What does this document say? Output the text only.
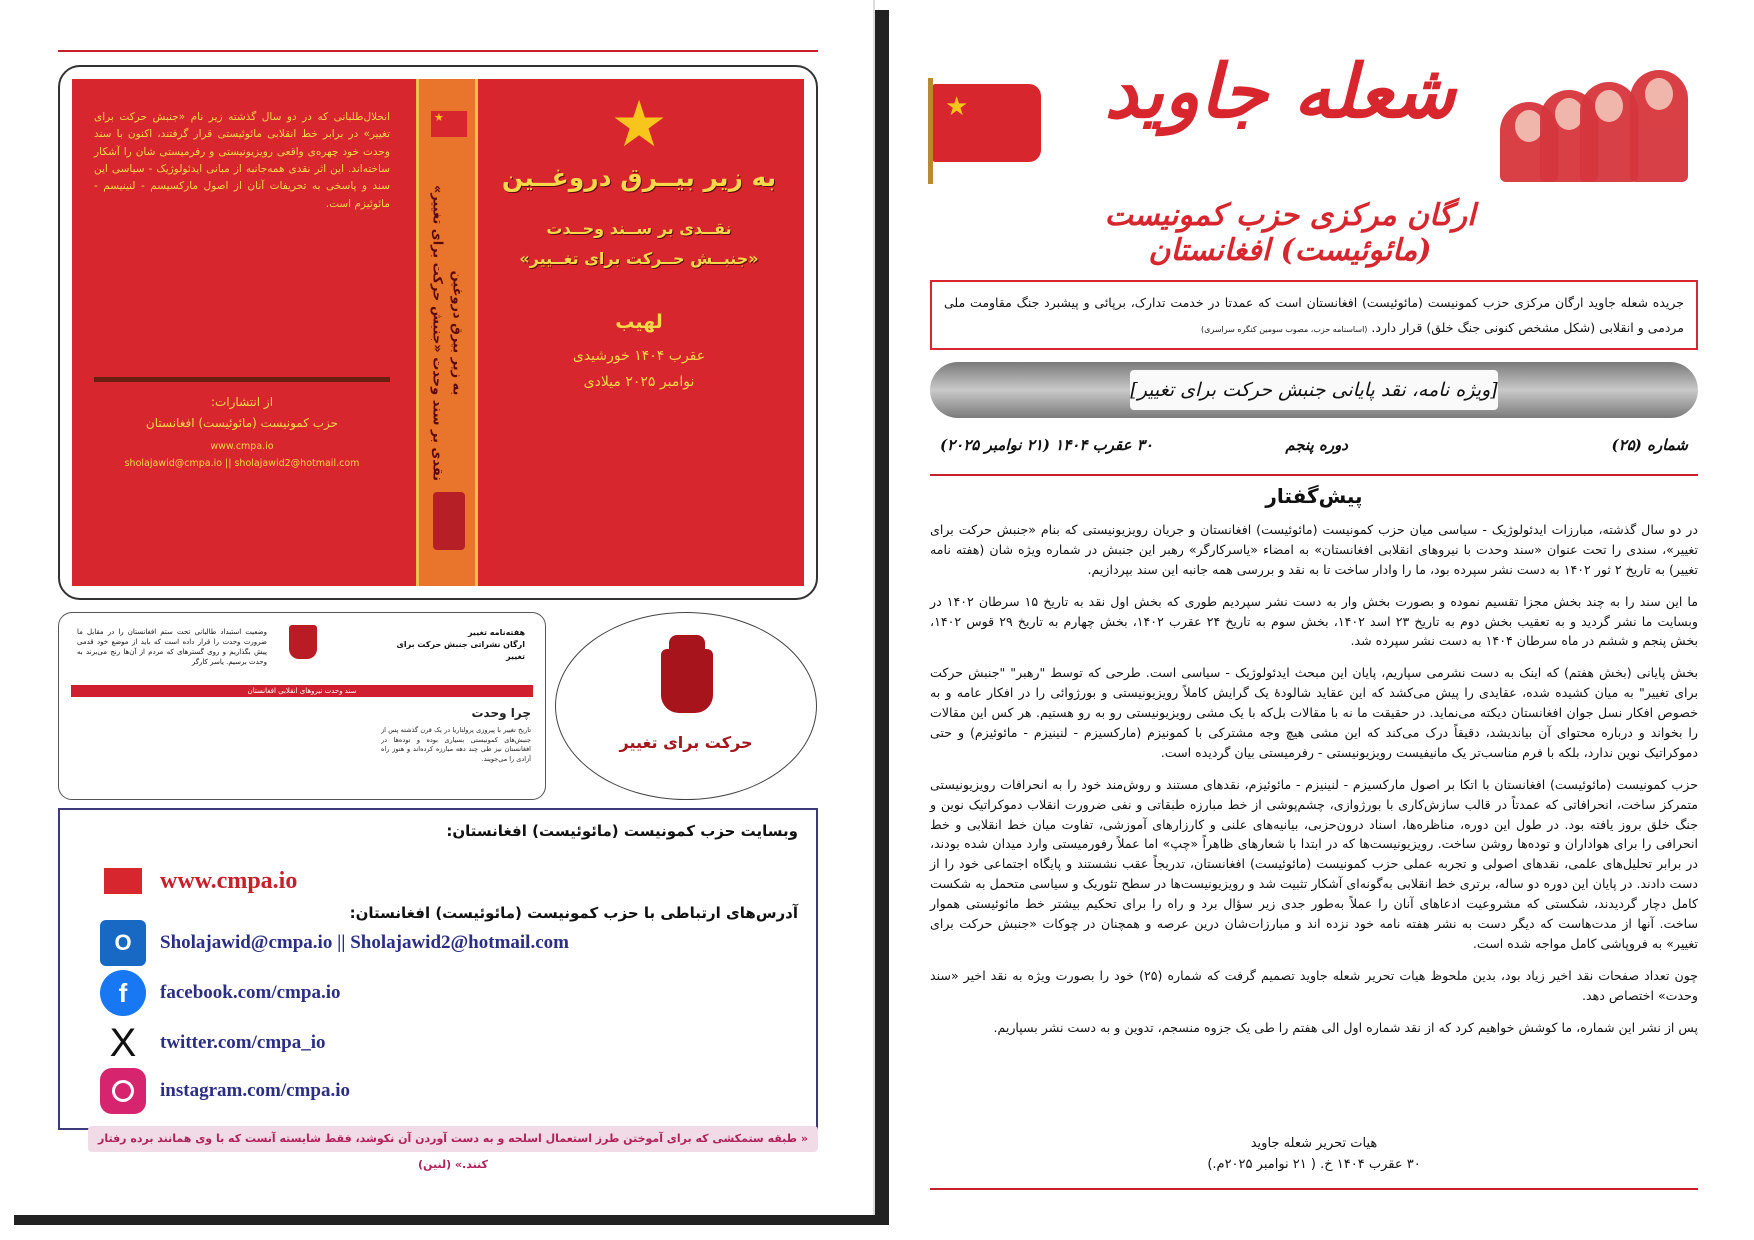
انحلال‌طلبانی که در دو سال گذشته زیر نام «جنبش حرکت برای تغییر» در برابر خط انقلابی مائوئیستی قرار گرفتند، اکنون با سند وحدت خود چهره‌ی واقعی رویزیونیستی و رفرمیستی شان را آشکار ساخته‌اند. این اثر نقدی همه‌جانبه از مبانی ایدئولوژیک - سیاسی این سند و پاسخی به تحریفات آنان از اصول مارکسیسم - لنینیسم - مائوئیزم است.
از انتشارات:
حزب کمونیست (مائوئیست) افغانستان
www.cmpa.io
sholajawid@cmpa.io || sholajawid2@hotmail.com
★
به زیر بیرق دروغین
نقدی بر سند وحدت «جنبش حرکت برای تغییر»
★
به زیر بیــرق دروغــین
نقــدی بر ســند وحــدت
«جنبــش حــرکت برای تغــییر»
لهیب
عقرب ۱۴۰۴ خورشیدی
نوامبر ۲۰۲۵ میلادی
وضعیت استبداد طالبانی تحت ستم افغانستان را در مقابل ما ضرورت وحدت را قرار داده است که باید از موضع خود قدمی پیش بگذاریم و روی گسترهای که مردم از آن‌ها رنج می‌برند به وحدت برسیم. یاسر کارگر
هفته‌نامه تغییر
ارگان نشراتی جنبش حرکت برای تغییر
سند وحدت نیروهای انقلابی افغانستان
چرا وحدت
تاریخ تغییر با پیروزی پرولتاریا در یک قرن گذشته پس از جنبش‌های کمونیستی بسیاری بوده و توده‌ها در افغانستان نیز طی چند دهه مبارزه کرده‌اند و هنوز راه آزادی را می‌جویند.
حرکت برای تغییر
وبسایت حزب کمونیست (مائوئیست) افغانستان:
www.cmpa.io
آدرس‌های ارتباطی با حزب کمونیست (مائوئیست) افغانستان:
O	Sholajawid@cmpa.io || Sholajawid2@hotmail.com
f	facebook.com/cmpa.io
X	twitter.com/cmpa_io
instagram.com/cmpa.io
« طبقه ستمکشی که برای آموختن طرز استعمال اسلحه و به دست آوردن آن نکوشد، فقط شایسته آنست که با وی همانند برده رفتار کنند.» (لنین)
★	شعله جاوید
ارگان مرکزی حزب کمونیست (مائوئیست) افغانستان
جریده شعله جاوید ارگان مرکزی حزب کمونیست (مائوئیست) افغانستان است که عمدتا در خدمت تدارک، برپائی و پیشبرد جنگ مقاومت ملی مردمی و انقلابی (شکل مشخص کنونی جنگ خلق) قرار دارد. (اساسنامه حزب، مصوب سومین کنگره سراسری)
[ویژه نامه، نقد پایانی جنبش حرکت برای تغییر]
شماره (۲۵)
دوره پنجم
۳۰ عقرب ۱۴۰۴ (۲۱ نوامبر ۲۰۲۵)
پیش‌گفتار

در دو سال گذشته، مبارزات ایدئولوژیک - سیاسی میان حزب کمونیست (مائوئیست) افغانستان و جریان رویزیونیستی که بنام «جنبش حرکت برای تغییر»، سندی را تحت عنوان «سند وحدت با نیروهای انقلابی افغانستان» به امضاء «یاسرکارگر» رهبر این جنبش در شماره ویژه شان (هفته نامه تغییر) به تاریخ ۲ ثور ۱۴۰۲ به دست نشر سپرده بود، ما را وادار ساخت تا به نقد و بررسی همه جانبه این سند بپردازیم.

ما این سند را به چند بخش مجزا تقسیم نموده و بصورت بخش وار به دست نشر سپردیم طوری که بخش اول نقد به تاریخ ۱۵ سرطان ۱۴۰۲ در وبسایت ما نشر گردید و به تعقیب بخش دوم به تاریخ ۲۳ اسد ۱۴۰۲، بخش سوم به تاریخ ۲۴ عقرب ۱۴۰۲، بخش چهارم به تاریخ ۲۹ قوس ۱۴۰۲، بخش پنجم و ششم در ماه سرطان ۱۴۰۴ به دست نشر سپرده شد.

بخش پایانی (بخش هفتم) که اینک به دست نشرمی سپاریم، پایان این مبحث ایدئولوژیک - سیاسی است. طرحی که توسط "رهبر" "جنبش حرکت برای تغییر" به میان کشیده شده، عقایدی را پیش می‌کشد که این عقاید شالودهٔ یک گرایش کاملاً رویزیونیستی و بورژوائی را در افکار عامه و به خصوص افکار نسل جوان افغانستان دیکته می‌نماید. در حقیقت ما نه با مقالات بل‌که با یک مشی رویزیونیستی رو به رو هستیم. هر کس این مقالات را بخواند و درباره محتوای آن بیاندیشد، دقیقاً درک می‌کند که این مشی هیچ وجه مشترکی با کمونیزم (مارکسیزم - لنینیزم - مائوئیزم) و حتی دموکراتیک نوین ندارد، بلکه با فرم مناسب‌تر یک مانیفیست رویزیونیستی - رفرمیستی بیان گردیده است.

حزب کمونیست (مائوئیست) افغانستان با اتکا بر اصول مارکسیزم - لنینیزم - مائوئیزم، نقدهای مستند و روش‌مند خود را به انحرافات رویزیونیستی متمرکز ساخت، انحرافاتی که عمدتاً در قالب سازش‌کاری با بورژوازی، چشم‌پوشی از خط مبارزه طبقاتی و نفی ضرورت انقلاب دموکراتیک نوین و جنگ خلق بروز یافته بود. در طول این دوره، مناظره‌ها، اسناد درون‌حزبی، بیانیه‌های علنی و کارزارهای آموزشی، تفاوت میان خط انقلابی و خط انحرافی را برای هواداران و توده‌ها روشن ساخت. رویزیونیست‌ها که در ابتدا با شعارهای ظاهراً «چپ» اما عملاً رفورمیستی وارد میدان شده بودند، در برابر تحلیل‌های علمی، نقدهای اصولی و تجربه عملی حزب کمونیست (مائوئیست) افغانستان، تدریجاً عقب نشستند و پایگاه اجتماعی خود را از دست دادند. در پایان این دوره دو ساله، برتری خط انقلابی به‌گونه‌ای آشکار تثبیت شد و رویزیونیست‌ها در سطح تئوریک و سیاسی متحمل به شکست کامل دچار گردیدند، شکستی که مشروعیت ادعاهای آنان را عملاً به‌طور جدی زیر سؤال برد و راه را برای تحکیم بیشتر خط مائوئیستی هموار ساخت. آنها از مدت‌هاست که دیگر دست به نشر هفته نامه خود نزده اند و مبارزات‌شان درین عرصه و همچنان در چوکات «جنبش حرکت برای تغییر» به فروپاشی کامل مواجه شده است.

چون تعداد صفحات نقد اخیر زیاد بود، بدین ملحوظ هیات تحریر شعله جاوید تصمیم گرفت که شماره (۲۵) خود را بصورت ویژه به نقد اخیر «سند وحدت» اختصاص دهد.

پس از نشر این شماره، ما کوشش خواهیم کرد که از نقد شماره اول الی هفتم را طی یک جزوه منسجم، تدوین و به دست نشر بسپاریم.

هیات تحریر شعله جاوید
۳۰ عقرب ۱۴۰۴ خ. ( ۲۱ نوامبر ۲۰۲۵م.)
